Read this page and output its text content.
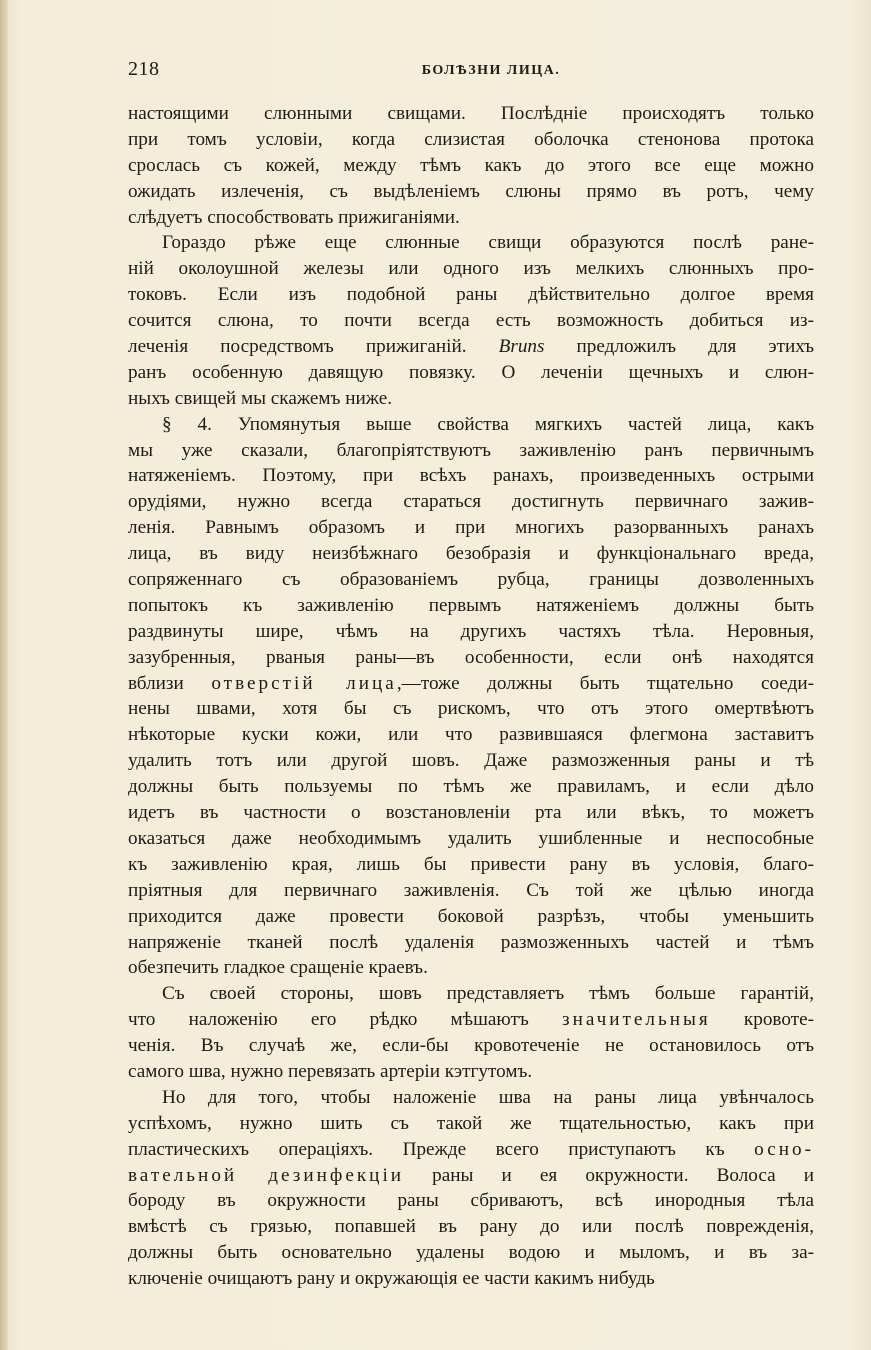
218	БОЛѢЗНИ ЛИЦА.

настоящими слюнными свищами. Послѣдніе происходятъ только
при томъ условіи, когда слизистая оболочка стенонова протока
срослась съ кожей, между тѣмъ какъ до этого все еще можно
ожидать излеченія, съ выдѣленіемъ слюны прямо въ ротъ, чему
слѣдуетъ способствовать прижиганіями.

Гораздо рѣже еще слюнные свищи образуются послѣ ране-
ній околоушной железы или одного изъ мелкихъ слюнныхъ про-
токовъ. Если изъ подобной раны дѣйствительно долгое время
сочится слюна, то почти всегда есть возможность добиться из-
леченія посредствомъ прижиганій. Bruns предложилъ для этихъ
ранъ особенную давящую повязку. О леченіи щечныхъ и слюн-
ныхъ свищей мы скажемъ ниже.

§ 4. Упомянутыя выше свойства мягкихъ частей лица, какъ
мы уже сказали, благопріятствуютъ заживленію ранъ первичнымъ
натяженіемъ. Поэтому, при всѣхъ ранахъ, произведенныхъ острыми
орудіями, нужно всегда стараться достигнуть первичнаго зажив-
ленія. Равнымъ образомъ и при многихъ разорванныхъ ранахъ
лица, въ виду неизбѣжнаго безобразія и функціональнаго вреда,
сопряженнаго съ образованіемъ рубца, границы дозволенныхъ
попытокъ къ заживленію первымъ натяженіемъ должны быть
раздвинуты шире, чѣмъ на другихъ частяхъ тѣла. Неровныя,
зазубренныя, рваныя раны—въ особенности, если онѣ находятся
вблизи отверстій лица,—тоже должны быть тщательно соеди-
нены швами, хотя бы съ рискомъ, что отъ этого омертвѣютъ
нѣкоторые куски кожи, или что развившаяся флегмона заставитъ
удалить тотъ или другой шовъ. Даже размозженныя раны и тѣ
должны быть пользуемы по тѣмъ же правиламъ, и если дѣло
идетъ въ частности о возстановленіи рта или вѣкъ, то можетъ
оказаться даже необходимымъ удалить ушибленные и неспособные
къ заживленію края, лишь бы привести рану въ условія, благо-
пріятныя для первичнаго заживленія. Съ той же цѣлью иногда
приходится даже провести боковой разрѣзъ, чтобы уменьшить
напряженіе тканей послѣ удаленія размозженныхъ частей и тѣмъ
обезпечить гладкое сращеніе краевъ.

Съ своей стороны, шовъ представляетъ тѣмъ больше гарантій,
что наложенію его рѣдко мѣшаютъ значительныя кровоте-
ченія. Въ случаѣ же, если-бы кровотеченіе не остановилось отъ
самого шва, нужно перевязать артеріи кэтгутомъ.

Но для того, чтобы наложеніе шва на раны лица увѣнчалось
успѣхомъ, нужно шить съ такой же тщательностью, какъ при
пластическихъ операціяхъ. Прежде всего приступаютъ къ осно-
вательной дезинфекціи раны и ея окружности. Волоса и
бороду въ окружности раны сбриваютъ, всѣ инородныя тѣла
вмѣстѣ съ грязью, попавшей въ рану до или послѣ поврежденія,
должны быть основательно удалены водою и мыломъ, и въ за-
ключеніе очищаютъ рану и окружающія ее части какимъ нибудь
